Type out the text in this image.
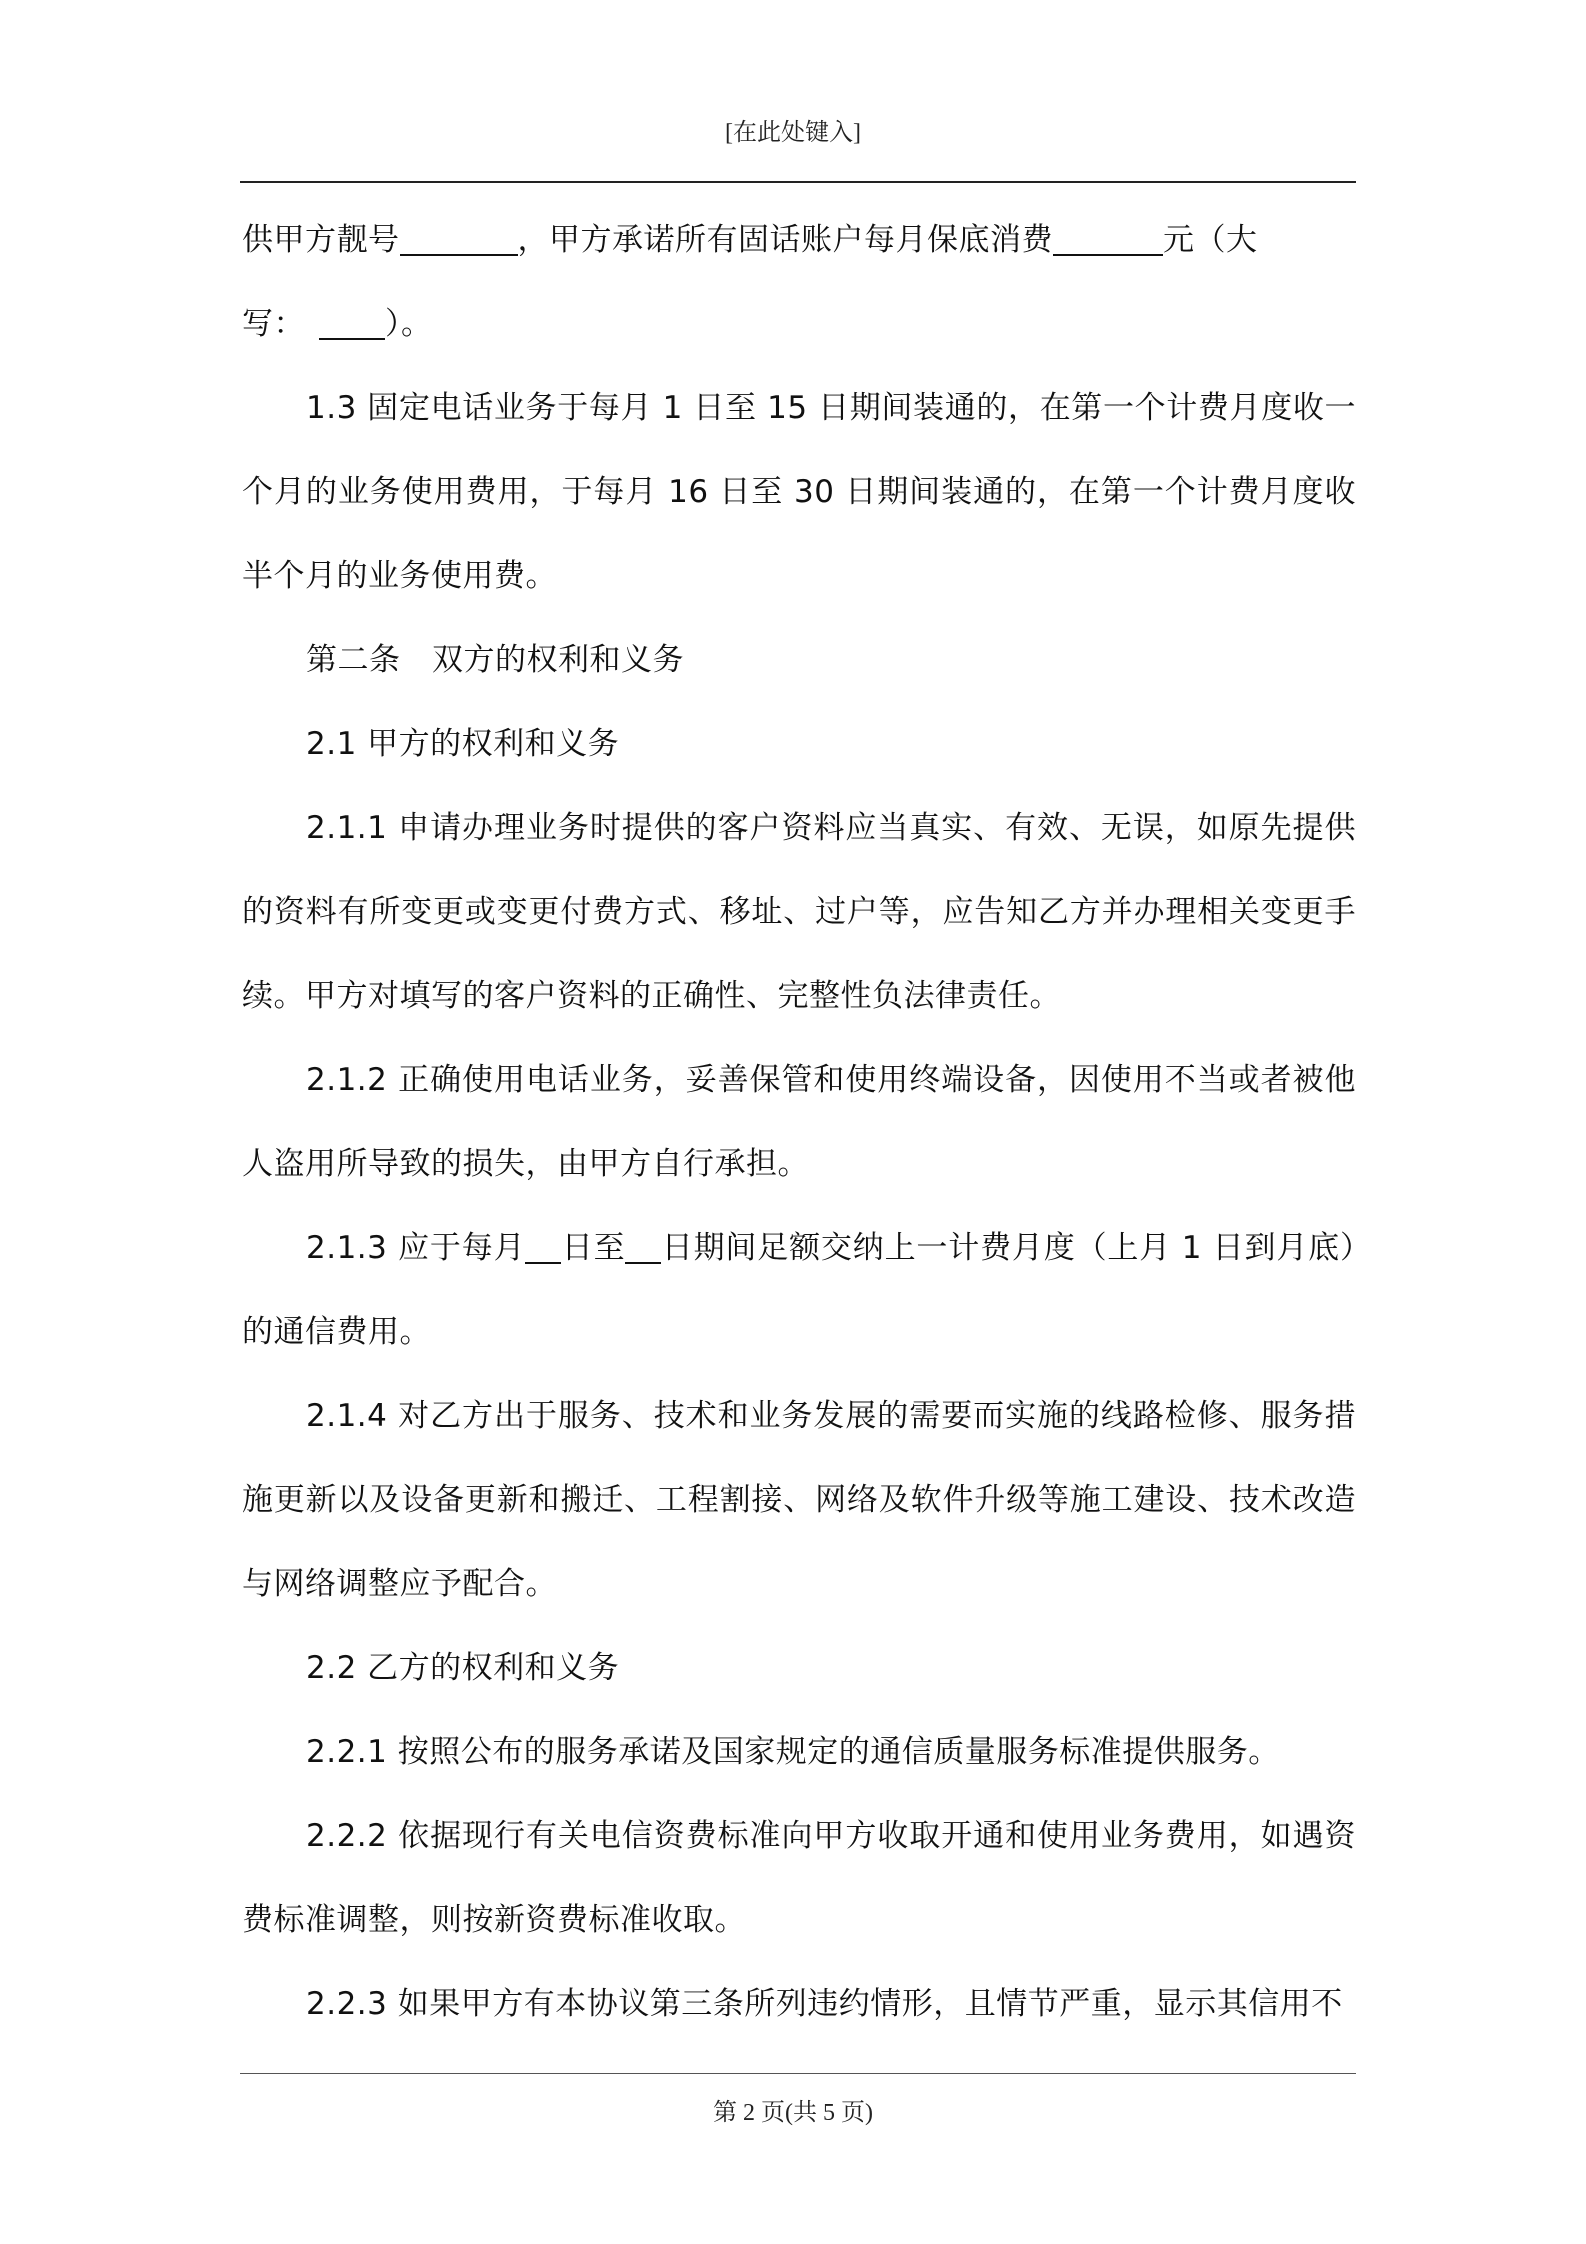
[在此处键入]

供甲方靓号	，甲方承诺所有固话账户每月保底消费	元（大

写：	）。

1.3 固定电话业务于每月 1 日至 15 日期间装通的，在第一个计费月度收一个月的业务使用费用，于每月 16 日至 30 日期间装通的，在第一个计费月度收半个月的业务使用费。

第二条　双方的权利和义务

2.1 甲方的权利和义务

2.1.1 申请办理业务时提供的客户资料应当真实、有效、无误，如原先提供的资料有所变更或变更付费方式、移址、过户等，应告知乙方并办理相关变更手续。甲方对填写的客户资料的正确性、完整性负法律责任。

2.1.2 正确使用电话业务，妥善保管和使用终端设备，因使用不当或者被他人盗用所导致的损失，由甲方自行承担。

2.1.3 应于每月 日至 日期间足额交纳上一计费月度（上月 1 日到月底）的通信费用。

2.1.4 对乙方出于服务、技术和业务发展的需要而实施的线路检修、服务措施更新以及设备更新和搬迁、工程割接、网络及软件升级等施工建设、技术改造与网络调整应予配合。

2.2 乙方的权利和义务

2.2.1 按照公布的服务承诺及国家规定的通信质量服务标准提供服务。

2.2.2 依据现行有关电信资费标准向甲方收取开通和使用业务费用，如遇资费标准调整，则按新资费标准收取。

2.2.3 如果甲方有本协议第三条所列违约情形，且情节严重，显示其信用不

第 2 页(共 5 页)
